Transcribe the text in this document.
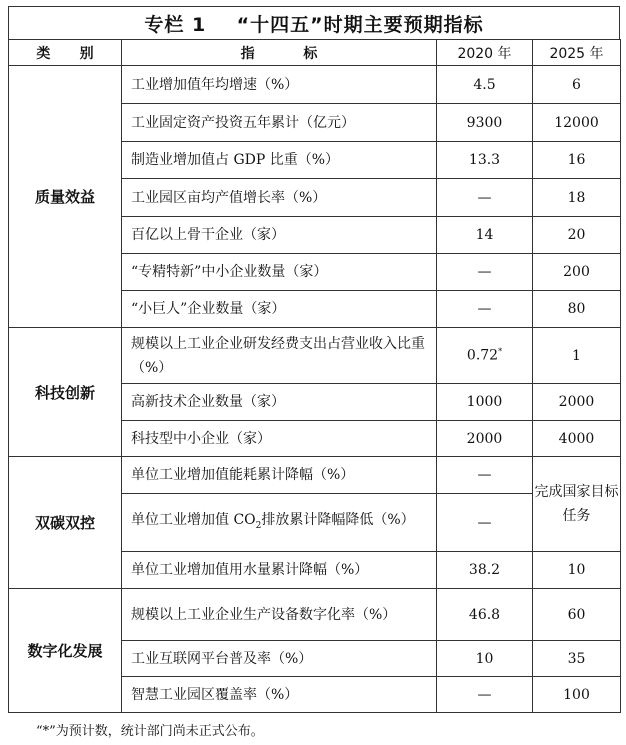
专栏 1    “十四五”时期主要预期指标
类      别	指          标	2020 年	2025 年
质量效益	工业增加值年均增速（%）	4.5	6
	工业固定资产投资五年累计（亿元）	9300	12000
	制造业增加值占 GDP 比重（%）	13.3	16
	工业园区亩均产值增长率（%）	—	18
	百亿以上骨干企业（家）	14	20
	“专精特新”中小企业数量（家）	—	200
	“小巨人”企业数量（家）	—	80
科技创新	规模以上工业企业研发经费支出占营业收入比重（%）	0.72*	1
	高新技术企业数量（家）	1000	2000
	科技型中小企业（家）	2000	4000
双碳双控	单位工业增加值能耗累计降幅（%）	—	完成国家目标任务
	单位工业增加值 $CO_2$排放累计降幅降低（%）	—	
	单位工业增加值用水量累计降幅（%）	38.2	10
数字化发展	规模以上工业企业生产设备数字化率（%）	46.8	60
	工业互联网平台普及率（%）	10	35
	智慧工业园区覆盖率（%）	—	100
“*”为预计数，统计部门尚未正式公布。
